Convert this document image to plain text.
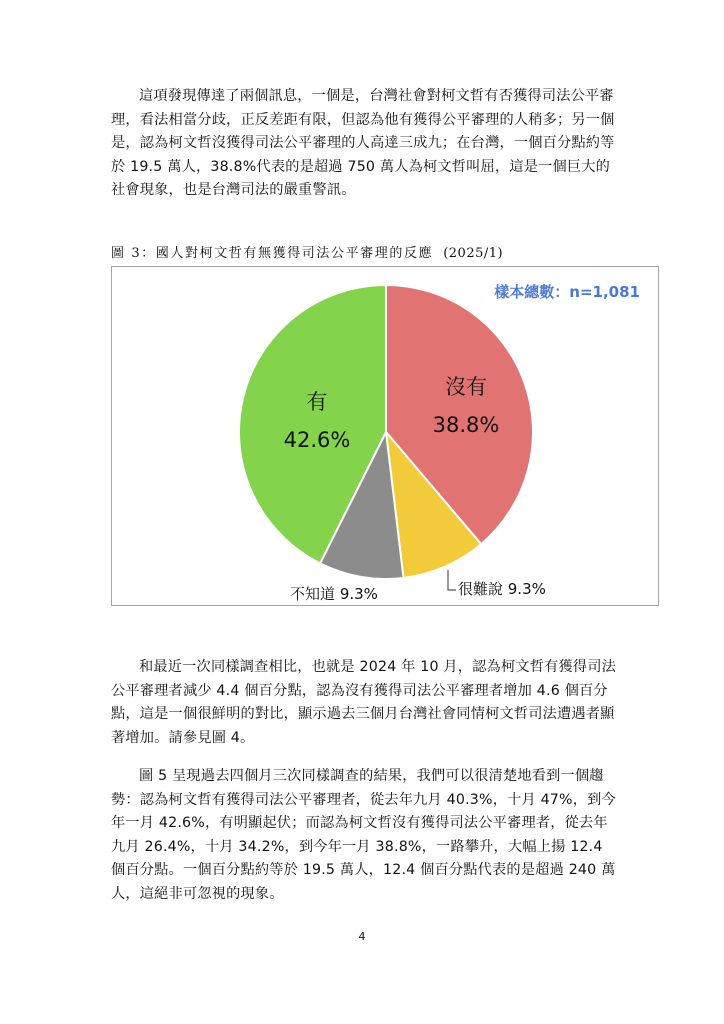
這項發現傳達了兩個訊息，一個是，台灣社會對柯文哲有否獲得司法公平審理，看法相當分歧，正反差距有限，但認為他有獲得公平審理的人稍多；另一個是，認為柯文哲沒獲得司法公平審理的人高達三成九；在台灣，一個百分點約等於 19.5 萬人，38.8%代表的是超過 750 萬人為柯文哲叫屈，這是一個巨大的社會現象，也是台灣司法的嚴重警訊。

圖 3：國人對柯文哲有無獲得司法公平審理的反應 (2025/1)
樣本總數：n=1,081
沒有
38.8%
很難說 9.3%
不知道 9.3%
有
42.6%

和最近一次同樣調查相比，也就是 2024 年 10 月，認為柯文哲有獲得司法公平審理者減少 4.4 個百分點，認為沒有獲得司法公平審理者增加 4.6 個百分點，這是一個很鮮明的對比，顯示過去三個月台灣社會同情柯文哲司法遭遇者顯著增加。請參見圖 4。

圖 5 呈現過去四個月三次同樣調查的結果，我們可以很清楚地看到一個趨勢：認為柯文哲有獲得司法公平審理者，從去年九月 40.3%，十月 47%，到今年一月 42.6%，有明顯起伏；而認為柯文哲沒有獲得司法公平審理者，從去年九月 26.4%，十月 34.2%，到今年一月 38.8%，一路攀升，大幅上揚 12.4 個百分點。一個百分點約等於 19.5 萬人，12.4 個百分點代表的是超過 240 萬人，這絕非可忽視的現象。

4
